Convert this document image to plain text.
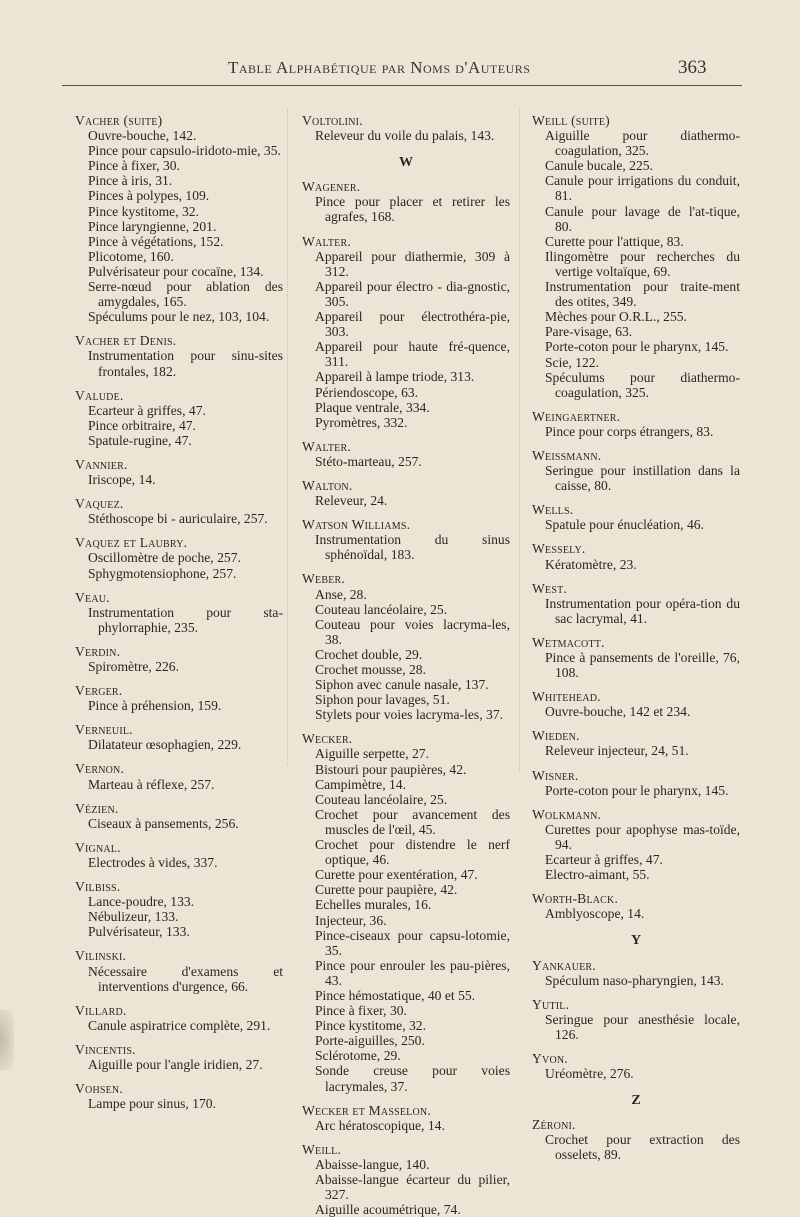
Table Alphabétique par Noms d'Auteurs	363
Vacher (suite)
Ouvre-bouche, 142.
Pince pour capsulo-iridoto-mie, 35.
Pince à fixer, 30.
Pince à iris, 31.
Pinces à polypes, 109.
Pince kystitome, 32.
Pince laryngienne, 201.
Pince à végétations, 152.
Plicotome, 160.
Pulvérisateur pour cocaïne, 134.
Serre-nœud pour ablation des amygdales, 165.
Spéculums pour le nez, 103, 104.
Vacher et Denis.
Instrumentation pour sinu-sites frontales, 182.
Valude.
Ecarteur à griffes, 47.
Pince orbitraire, 47.
Spatule-rugine, 47.
Vannier.
Iriscope, 14.
Vaquez.
Stéthoscope bi - auriculaire, 257.
Vaquez et Laubry.
Oscillomètre de poche, 257.
Sphygmotensiophone, 257.
Veau.
Instrumentation pour sta-phylorraphie, 235.
Verdin.
Spiromètre, 226.
Verger.
Pince à préhension, 159.
Verneuil.
Dilatateur œsophagien, 229.
Vernon.
Marteau à réflexe, 257.
Vézien.
Ciseaux à pansements, 256.
Vignal.
Electrodes à vides, 337.
Vilbiss.
Lance-poudre, 133.
Nébulizeur, 133.
Pulvérisateur, 133.
Vilinski.
Nécessaire d'examens et interventions d'urgence, 66.
Villard.
Canule aspiratrice complète, 291.
Vincentis.
Aiguille pour l'angle iridien, 27.
Vohsen.
Lampe pour sinus, 170.
Voltolini.
Releveur du voile du palais, 143.
W
Wagener.
Pince pour placer et retirer les agrafes, 168.
Walter.
Appareil pour diathermie, 309 à 312.
Appareil pour électro - dia-gnostic, 305.
Appareil pour électrothéra-pie, 303.
Appareil pour haute fré-quence, 311.
Appareil à lampe triode, 313.
Périendoscope, 63.
Plaque ventrale, 334.
Pyromètres, 332.
Walter.
Stéto-marteau, 257.
Walton.
Releveur, 24.
Watson Williams.
Instrumentation du sinus sphénoïdal, 183.
Weber.
Anse, 28.
Couteau lancéolaire, 25.
Couteau pour voies lacryma-les, 38.
Crochet double, 29.
Crochet mousse, 28.
Siphon avec canule nasale, 137.
Siphon pour lavages, 51.
Stylets pour voies lacryma-les, 37.
Wecker.
Aiguille serpette, 27.
Bistouri pour paupières, 42.
Campimètre, 14.
Couteau lancéolaire, 25.
Crochet pour avancement des muscles de l'œil, 45.
Crochet pour distendre le nerf optique, 46.
Curette pour exentération, 47.
Curette pour paupière, 42.
Echelles murales, 16.
Injecteur, 36.
Pince-ciseaux pour capsu-lotomie, 35.
Pince pour enrouler les pau-pières, 43.
Pince hémostatique, 40 et 55.
Pince à fixer, 30.
Pince kystitome, 32.
Porte-aiguilles, 250.
Sclérotome, 29.
Sonde creuse pour voies lacrymales, 37.
Wecker et Masselon.
Arc hératoscopique, 14.
Weill.
Abaisse-langue, 140.
Abaisse-langue écarteur du pilier, 327.
Aiguille acoumétrique, 74.
Weill (suite)
Aiguille pour diathermo-coagulation, 325.
Canule bucale, 225.
Canule pour irrigations du conduit, 81.
Canule pour lavage de l'at-tique, 80.
Curette pour l'attique, 83.
Ilingomètre pour recherches du vertige voltaïque, 69.
Instrumentation pour traite-ment des otites, 349.
Mèches pour O.R.L., 255.
Pare-visage, 63.
Porte-coton pour le pharynx, 145.
Scie, 122.
Spéculums pour diathermo-coagulation, 325.
Weingaertner.
Pince pour corps étrangers, 83.
Weissmann.
Seringue pour instillation dans la caisse, 80.
Wells.
Spatule pour énucléation, 46.
Wessely.
Kératomètre, 23.
West.
Instrumentation pour opéra-tion du sac lacrymal, 41.
Wetmacott.
Pince à pansements de l'oreille, 76, 108.
Whitehead.
Ouvre-bouche, 142 et 234.
Wieden.
Releveur injecteur, 24, 51.
Wisner.
Porte-coton pour le pharynx, 145.
Wolkmann.
Curettes pour apophyse mas-toïde, 94.
Ecarteur à griffes, 47.
Electro-aimant, 55.
Worth-Black.
Amblyoscope, 14.
Y
Yankauer.
Spéculum naso-pharyngien, 143.
Yutil.
Seringue pour anesthésie locale, 126.
Yvon.
Uréomètre, 276.
Z
Zéroni.
Crochet pour extraction des osselets, 89.
